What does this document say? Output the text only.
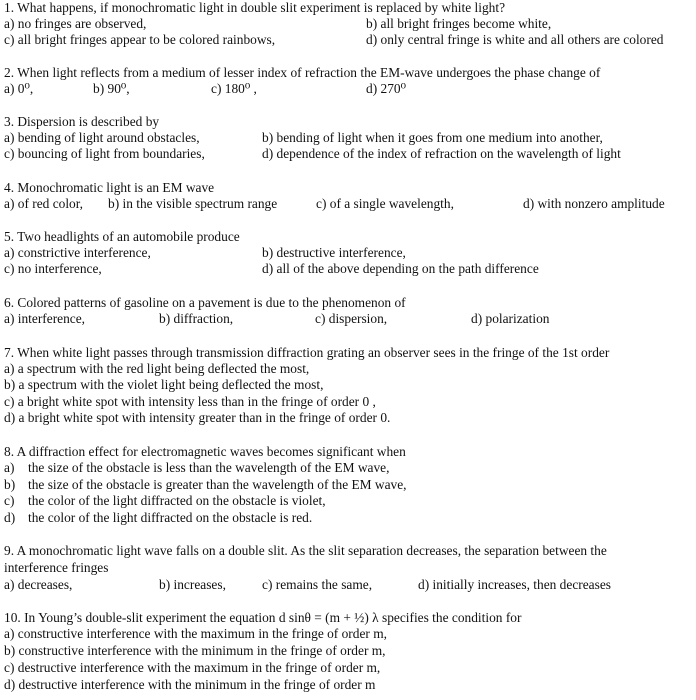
1. What happens, if monochromatic light in double slit experiment is replaced by white light?
a) no fringes are observed,	b) all bright fringes become white,
c) all bright fringes appear to be colored rainbows,	d) only central fringe is white and all others are colored
2. When light reflects from a medium of lesser index of refraction the EM-wave undergoes the phase change of
a) 0⁰,	b) 90⁰,	c) 180⁰ ,	d) 270⁰
3. Dispersion is described by
a) bending of light around obstacles,	b) bending of light when it goes from one medium into another,
c) bouncing of light from boundaries,	d) dependence of the index of refraction on the wavelength of light
4. Monochromatic light is an EM wave
a) of red color, b) in the visible spectrum range	c) of a single wavelength,	d) with nonzero amplitude
5. Two headlights of an automobile produce
a) constrictive interference,	b) destructive interference,
c) no interference,	d) all of the above depending on the path difference
6. Colored patterns of gasoline on a pavement is due to the phenomenon of
a) interference,	b) diffraction,	c) dispersion,	d) polarization
7. When white light passes through transmission diffraction grating an observer sees in the fringe of the 1st order
a) a spectrum with the red light being deflected the most,
b) a spectrum with the violet light being deflected the most,
c) a bright white spot with intensity less than in the fringe of order 0 ,
d) a bright white spot with intensity greater than in the fringe of order 0.
8. A diffraction effect for electromagnetic waves becomes significant when
a) the size of the obstacle is less than the wavelength of the EM wave,
b) the size of the obstacle is greater than the wavelength of the EM wave,
c) the color of the light diffracted on the obstacle is violet,
d) the color of the light diffracted on the obstacle is red.
9. A monochromatic light wave falls on a double slit. As the slit separation decreases, the separation between the
interference fringes
a) decreases,	b) increases,	c) remains the same,	d) initially increases, then decreases
10. In Young’s double-slit experiment the equation d sinθ = (m + ½) λ specifies the condition for
a) constructive interference with the maximum in the fringe of order m,
b) constructive interference with the minimum in the fringe of order m,
c) destructive interference with the maximum in the fringe of order m,
d) destructive interference with the minimum in the fringe of order m
